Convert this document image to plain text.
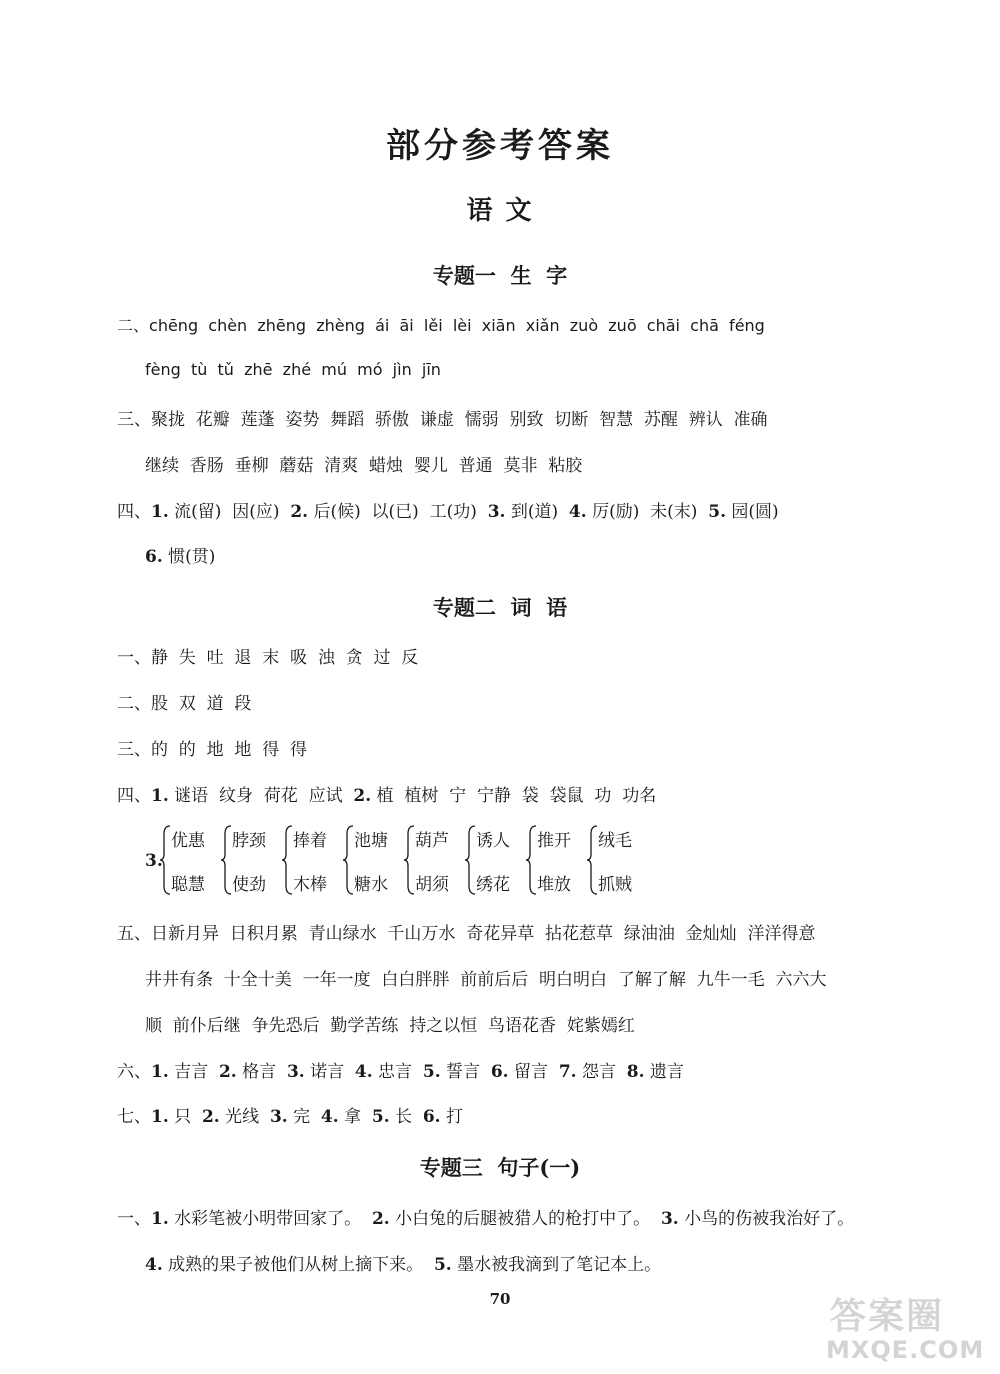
部分参考答案
语 文
专题一  生  字
二、chēng  chèn  zhēng  zhèng  ái  āi  lěi  lèi  xiān  xiǎn  zuò  zuō  chāi  chā  féng
fèng  tù  tǔ  zhē  zhé  mú  mó  jìn  jīn
三、聚拢  花瓣  莲蓬  姿势  舞蹈  骄傲  谦虚  懦弱  别致  切断  智慧  苏醒  辨认  准确
继续  香肠  垂柳  蘑菇  清爽  蜡烛  婴儿  普通  莫非  粘胶
四、1. 流(留)  因(应)  2. 后(候)  以(已)  工(功)  3. 到(道)  4. 厉(励)  未(末)  5. 园(圆)
6. 惯(贯)
专题二  词  语
一、静  失  吐  退  末  吸  浊  贪  过  反
二、股  双  道  段
三、的  的  地  地  得  得
四、1. 谜语  纹身  荷花  应试  2. 植  植树  宁  宁静  袋  袋鼠  功  功名
3.
优惠
聪慧
脖颈
使劲
捧着
木棒
池塘
糖水
葫芦
胡须
诱人
绣花
推开
堆放
绒毛
抓贼
五、日新月异  日积月累  青山绿水  千山万水  奇花异草  拈花惹草  绿油油  金灿灿  洋洋得意
井井有条  十全十美  一年一度  白白胖胖  前前后后  明白明白  了解了解  九牛一毛  六六大
顺  前仆后继  争先恐后  勤学苦练  持之以恒  鸟语花香  姹紫嫣红
六、1. 吉言  2. 格言  3. 诺言  4. 忠言  5. 誓言  6. 留言  7. 怨言  8. 遗言
七、1. 只  2. 光线  3. 完  4. 拿  5. 长  6. 打
专题三  句子(一)
一、1. 水彩笔被小明带回家了。  2. 小白兔的后腿被猎人的枪打中了。  3. 小鸟的伤被我治好了。
4. 成熟的果子被他们从树上摘下来。  5. 墨水被我滴到了笔记本上。
70	答案圈
MXQE.COM
